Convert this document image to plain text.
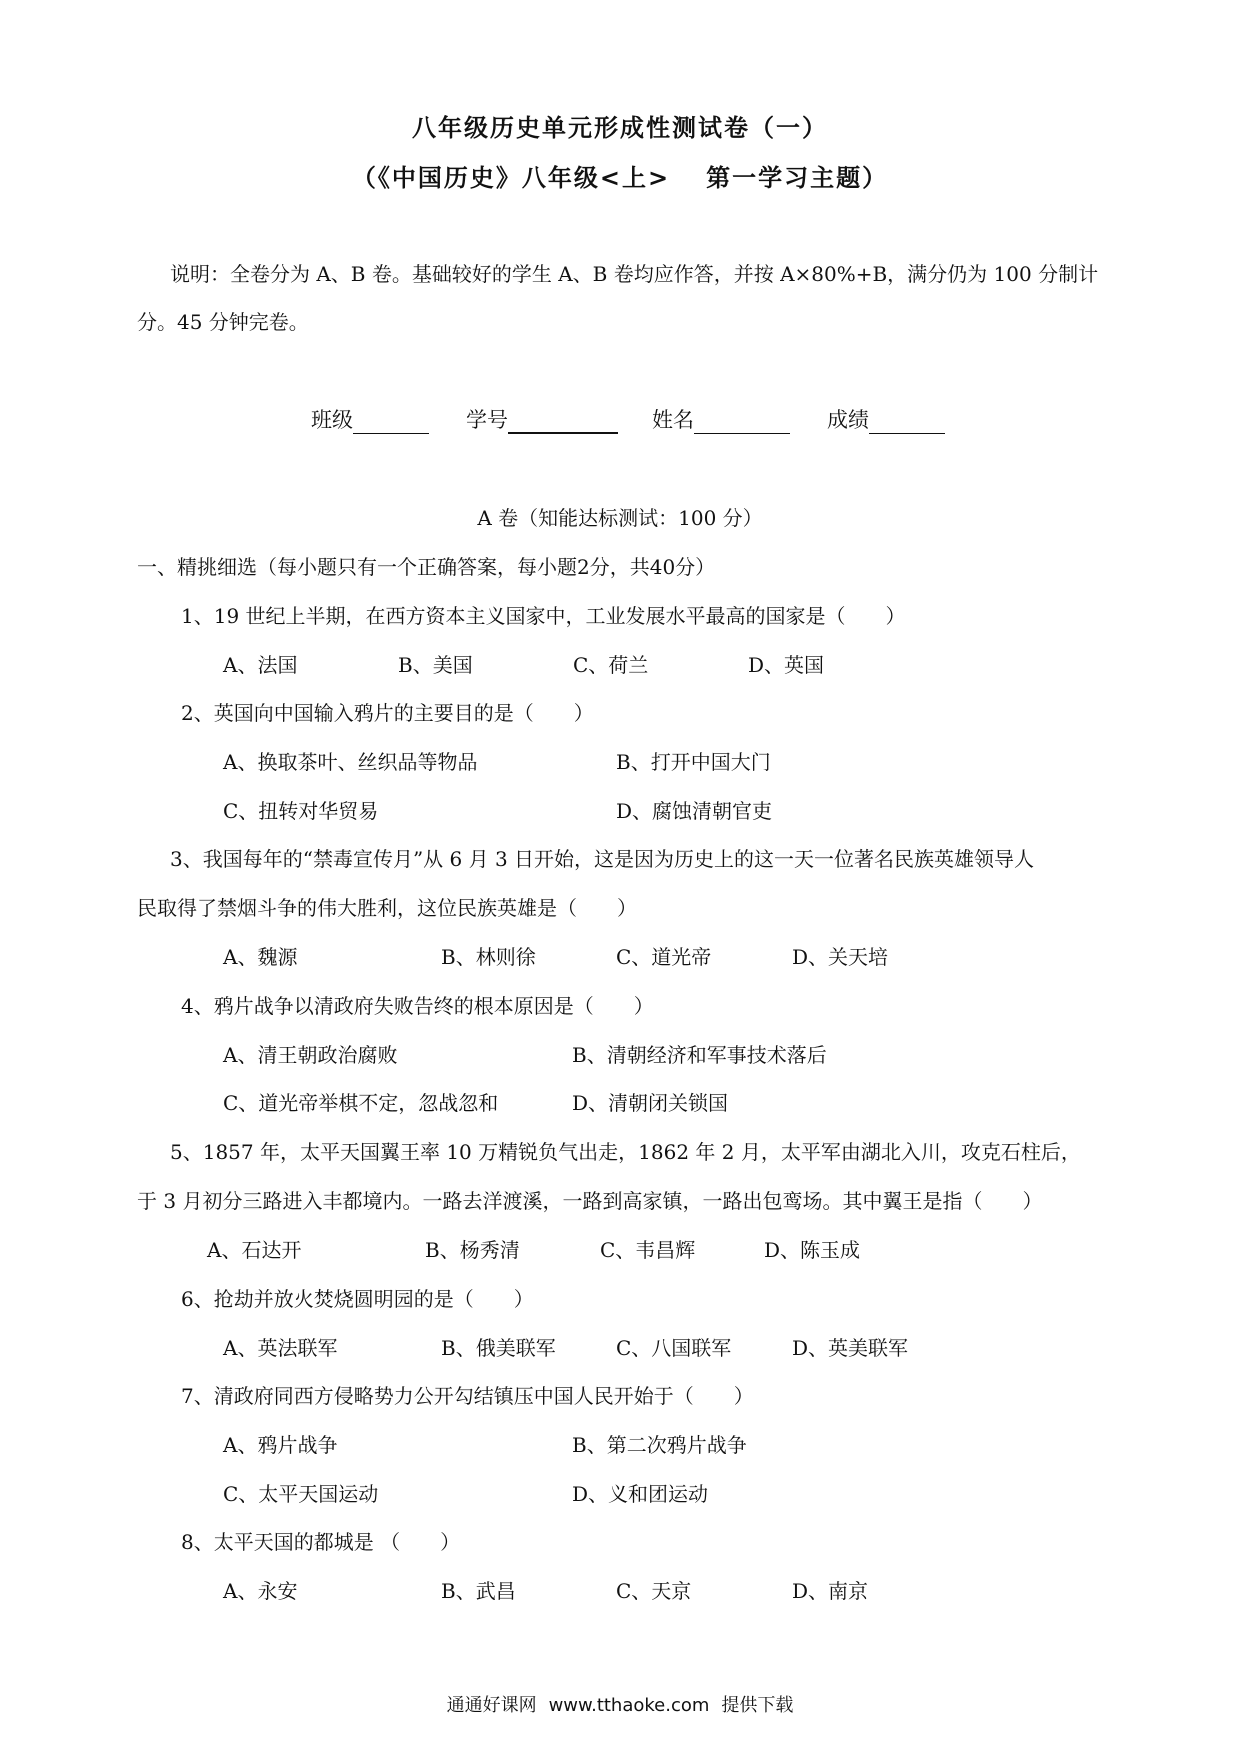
八年级历史单元形成性测试卷（一）
（《中国历史》八年级<上> 第一学习主题）
说明：全卷分为 A、B 卷。基础较好的学生 A、B 卷均应作答，并按 A×80%+B，满分仍为 100 分制计
分。45 分钟完卷。
班级	学号	姓名	成绩
A 卷（知能达标测试：100 分）
一、精挑细选（每小题只有一个正确答案，每小题2分，共40分）
1、19 世纪上半期，在西方资本主义国家中，工业发展水平最高的国家是（　　）
A、法国	B、美国	C、荷兰	D、英国
2、英国向中国输入鸦片的主要目的是（　　）
A、换取茶叶、丝织品等物品	B、打开中国大门
C、扭转对华贸易	D、腐蚀清朝官吏
3、我国每年的“禁毒宣传月”从 6 月 3 日开始，这是因为历史上的这一天一位著名民族英雄领导人
民取得了禁烟斗争的伟大胜利，这位民族英雄是（　　）
A、魏源	B、林则徐	C、道光帝	D、关天培
4、鸦片战争以清政府失败告终的根本原因是（　　）
A、清王朝政治腐败	B、清朝经济和军事技术落后
C、道光帝举棋不定，忽战忽和	D、清朝闭关锁国
5、1857 年，太平天国翼王率 10 万精锐负气出走，1862 年 2 月，太平军由湖北入川，攻克石柱后，
于 3 月初分三路进入丰都境内。一路去洋渡溪，一路到高家镇，一路出包鸾场。其中翼王是指（　　）
A、石达开	B、杨秀清	C、韦昌辉	D、陈玉成
6、抢劫并放火焚烧圆明园的是（　　）
A、英法联军	B、俄美联军	C、八国联军	D、英美联军
7、清政府同西方侵略势力公开勾结镇压中国人民开始于（　　）
A、鸦片战争	B、第二次鸦片战争
C、太平天国运动	D、义和团运动
8、太平天国的都城是 （　　）
A、永安	B、武昌	C、天京	D、南京
通通好课网 www.tthaoke.com 提供下载
